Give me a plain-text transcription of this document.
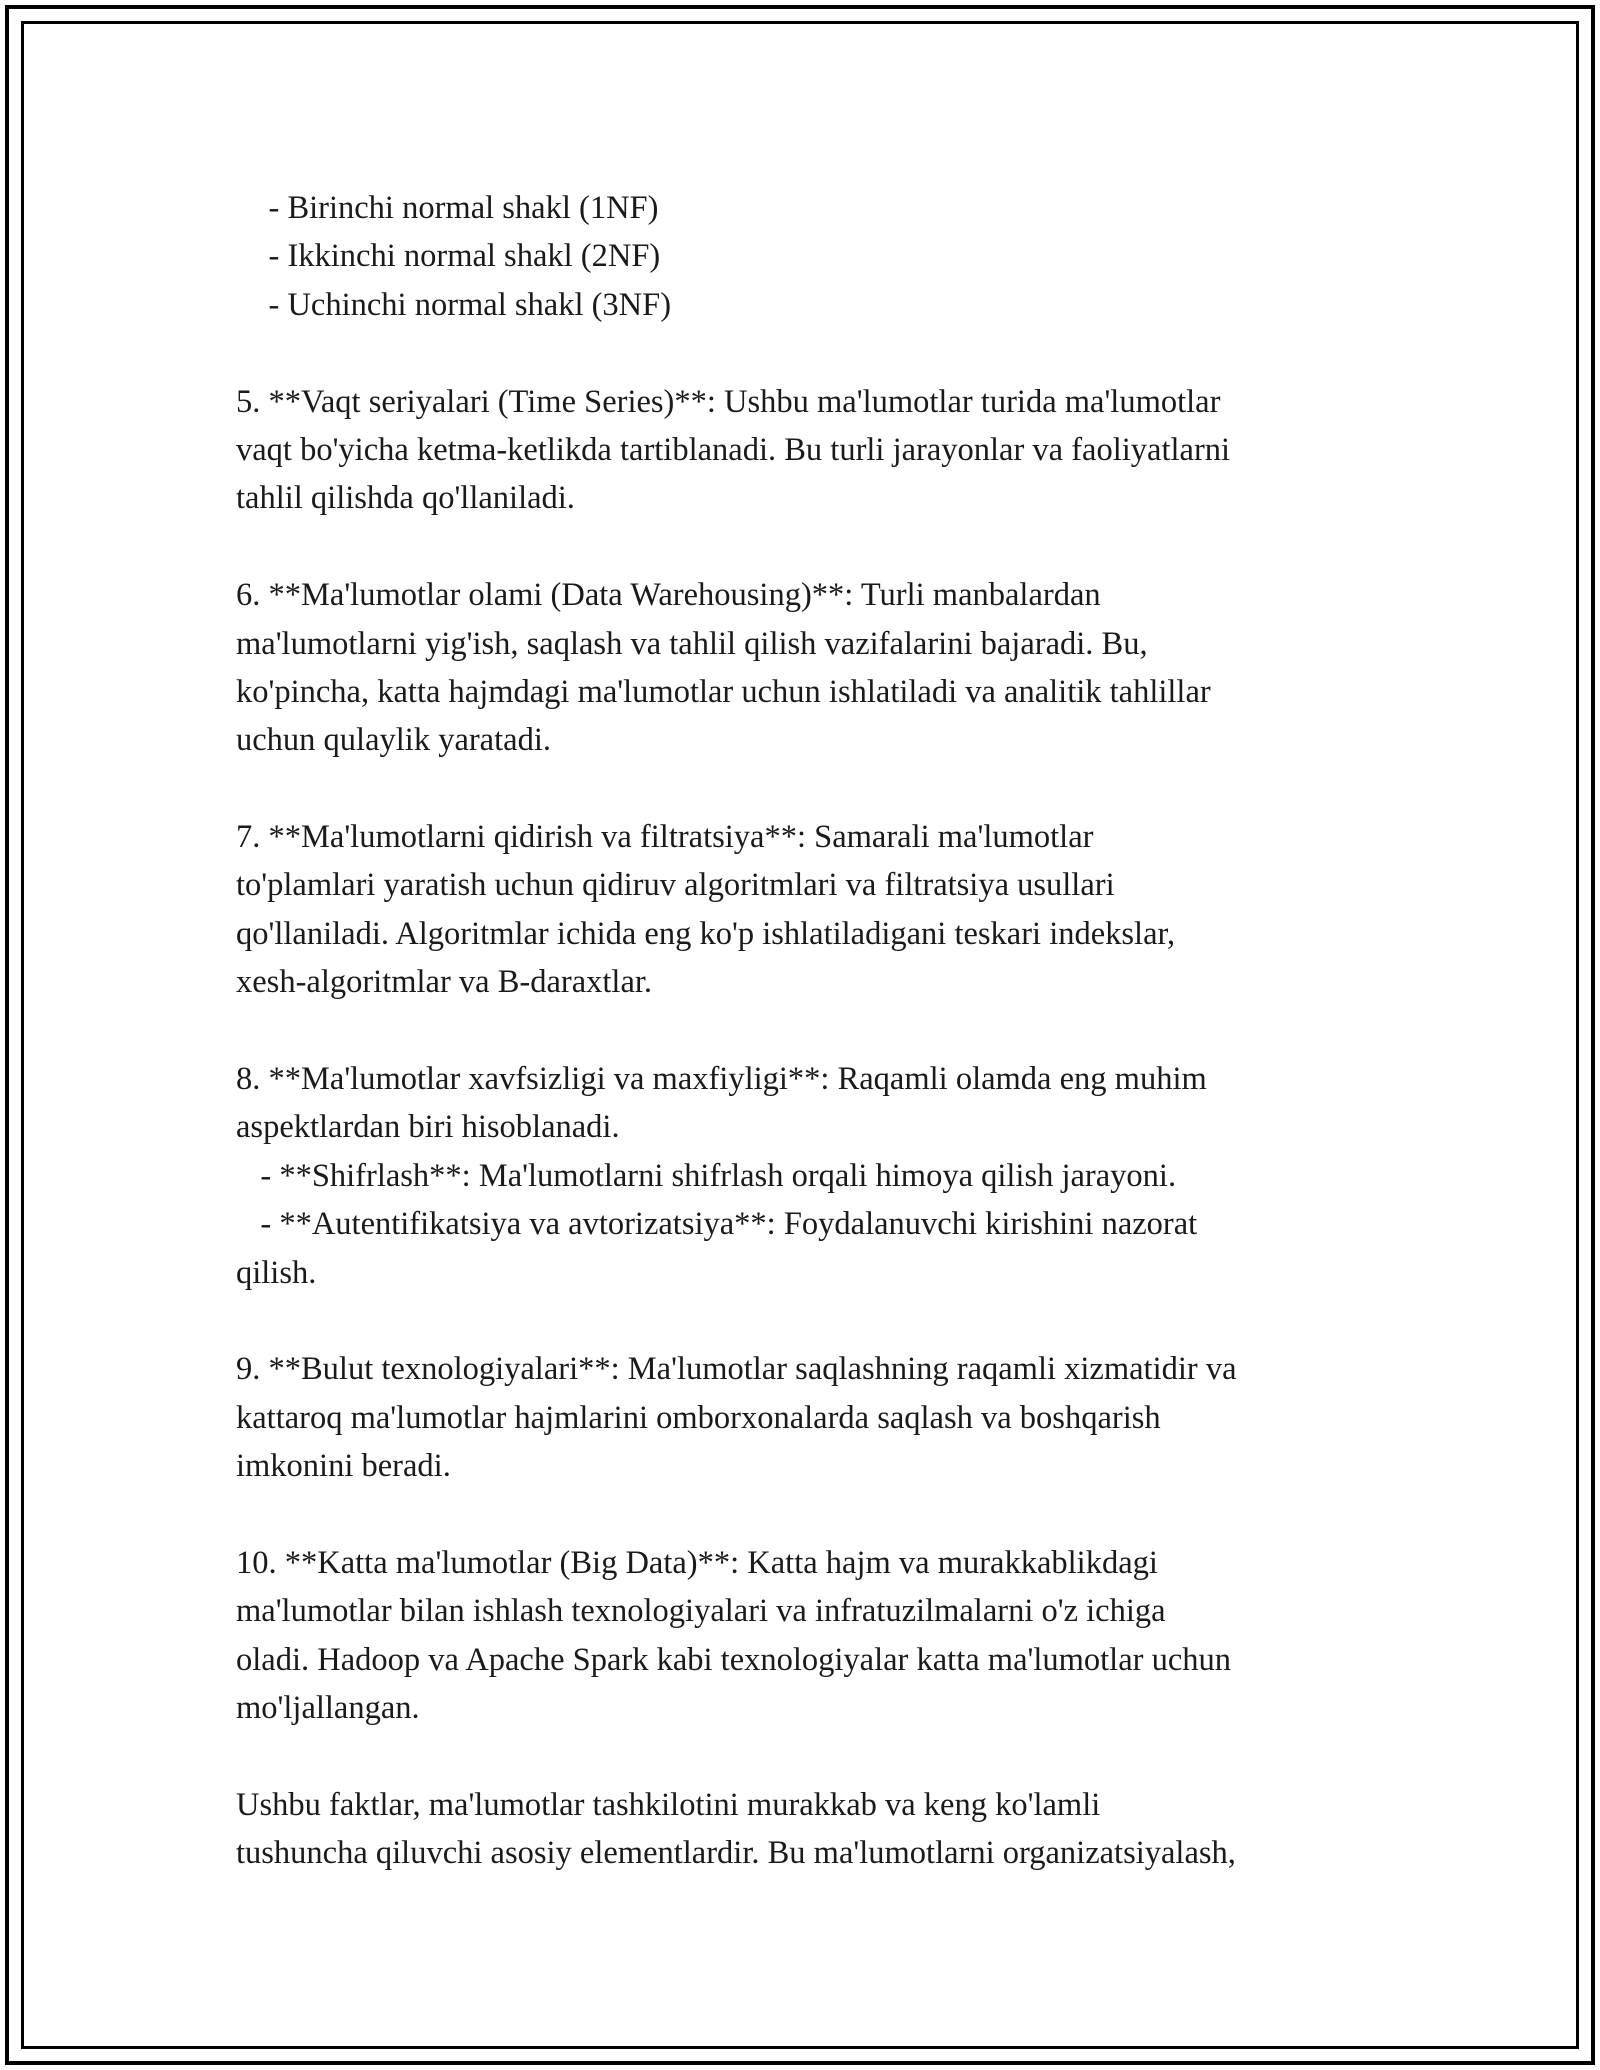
- Birinchi normal shakl (1NF)
- Ikkinchi normal shakl (2NF)
- Uchinchi normal shakl (3NF)
5. **Vaqt seriyalari (Time Series)**: Ushbu ma'lumotlar turida ma'lumotlar
vaqt bo'yicha ketma-ketlikda tartiblanadi. Bu turli jarayonlar va faoliyatlarni
tahlil qilishda qo'llaniladi.
6. **Ma'lumotlar olami (Data Warehousing)**: Turli manbalardan
ma'lumotlarni yig'ish, saqlash va tahlil qilish vazifalarini bajaradi. Bu,
ko'pincha, katta hajmdagi ma'lumotlar uchun ishlatiladi va analitik tahlillar
uchun qulaylik yaratadi.
7. **Ma'lumotlarni qidirish va filtratsiya**: Samarali ma'lumotlar
to'plamlari yaratish uchun qidiruv algoritmlari va filtratsiya usullari
qo'llaniladi. Algoritmlar ichida eng ko'p ishlatiladigani teskari indekslar,
xesh-algoritmlar va B-daraxtlar.
8. **Ma'lumotlar xavfsizligi va maxfiyligi**: Raqamli olamda eng muhim
aspektlardan biri hisoblanadi.
- **Shifrlash**: Ma'lumotlarni shifrlash orqali himoya qilish jarayoni.
- **Autentifikatsiya va avtorizatsiya**: Foydalanuvchi kirishini nazorat
qilish.
9. **Bulut texnologiyalari**: Ma'lumotlar saqlashning raqamli xizmatidir va
kattaroq ma'lumotlar hajmlarini omborxonalarda saqlash va boshqarish
imkonini beradi.
10. **Katta ma'lumotlar (Big Data)**: Katta hajm va murakkablikdagi
ma'lumotlar bilan ishlash texnologiyalari va infratuzilmalarni o'z ichiga
oladi. Hadoop va Apache Spark kabi texnologiyalar katta ma'lumotlar uchun
mo'ljallangan.
Ushbu faktlar, ma'lumotlar tashkilotini murakkab va keng ko'lamli
tushuncha qiluvchi asosiy elementlardir. Bu ma'lumotlarni organizatsiyalash,
